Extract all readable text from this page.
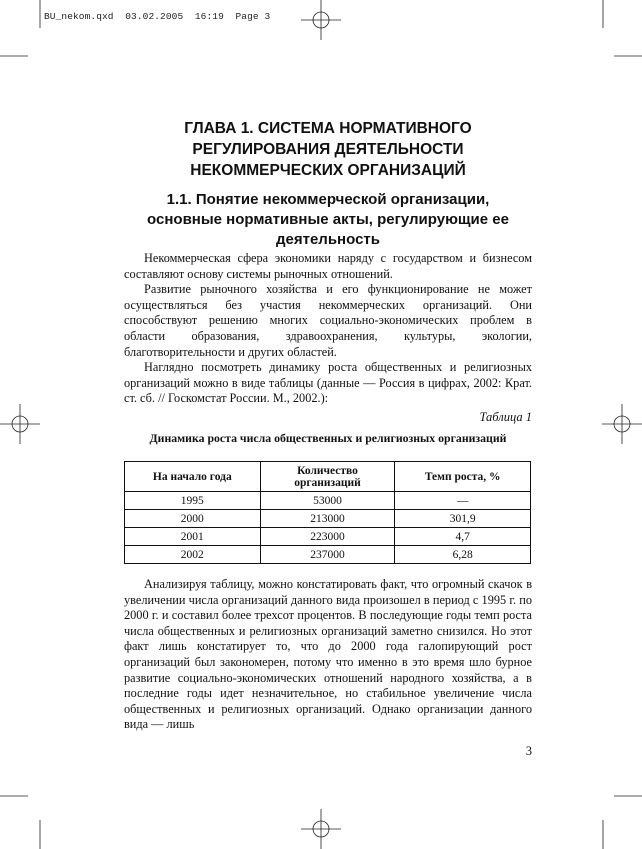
BU_nekom.qxd 03.02.2005 16:19 Page 3
ГЛАВА 1. СИСТЕМА НОРМАТИВНОГО
РЕГУЛИРОВАНИЯ ДЕЯТЕЛЬНОСТИ
НЕКОММЕРЧЕСКИХ ОРГАНИЗАЦИЙ
1.1. Понятие некоммерческой организации,
основные нормативные акты, регулирующие ее
деятельность

Некоммерческая сфера экономики наряду с государством и бизнесом составляют основу системы рыночных отношений.

Развитие рыночного хозяйства и его функционирование не может осуществляться без участия некоммерческих организаций. Они способствуют решению многих социально-экономических проблем в области образования, здравоохранения, культуры, экологии, благотворительности и других областей.

Наглядно посмотреть динамику роста общественных и религиозных организаций можно в виде таблицы (данные — Россия в цифрах, 2002: Крат. ст. сб. // Госкомстат России. М., 2002.):

Таблица 1
Динамика роста числа общественных и религиозных организаций
На начало года	Количество организаций	Темп роста, %
1995	53000	—
2000	213000	301,9
2001	223000	4,7
2002	237000	6,28

Анализируя таблицу, можно констатировать факт, что огромный скачок в увеличении числа организаций данного вида произошел в период с 1995 г. по 2000 г. и составил более трехсот процентов. В последующие годы темп роста числа общественных и религиозных организаций заметно снизился. Но этот факт лишь констатирует то, что до 2000 года галопирующий рост организаций был закономерен, потому что именно в это время шло бурное развитие социально-экономических отношений народного хозяйства, а в последние годы идет незначительное, но стабильное увеличение числа общественных и религиозных организаций. Однако организации данного вида — лишь

3
